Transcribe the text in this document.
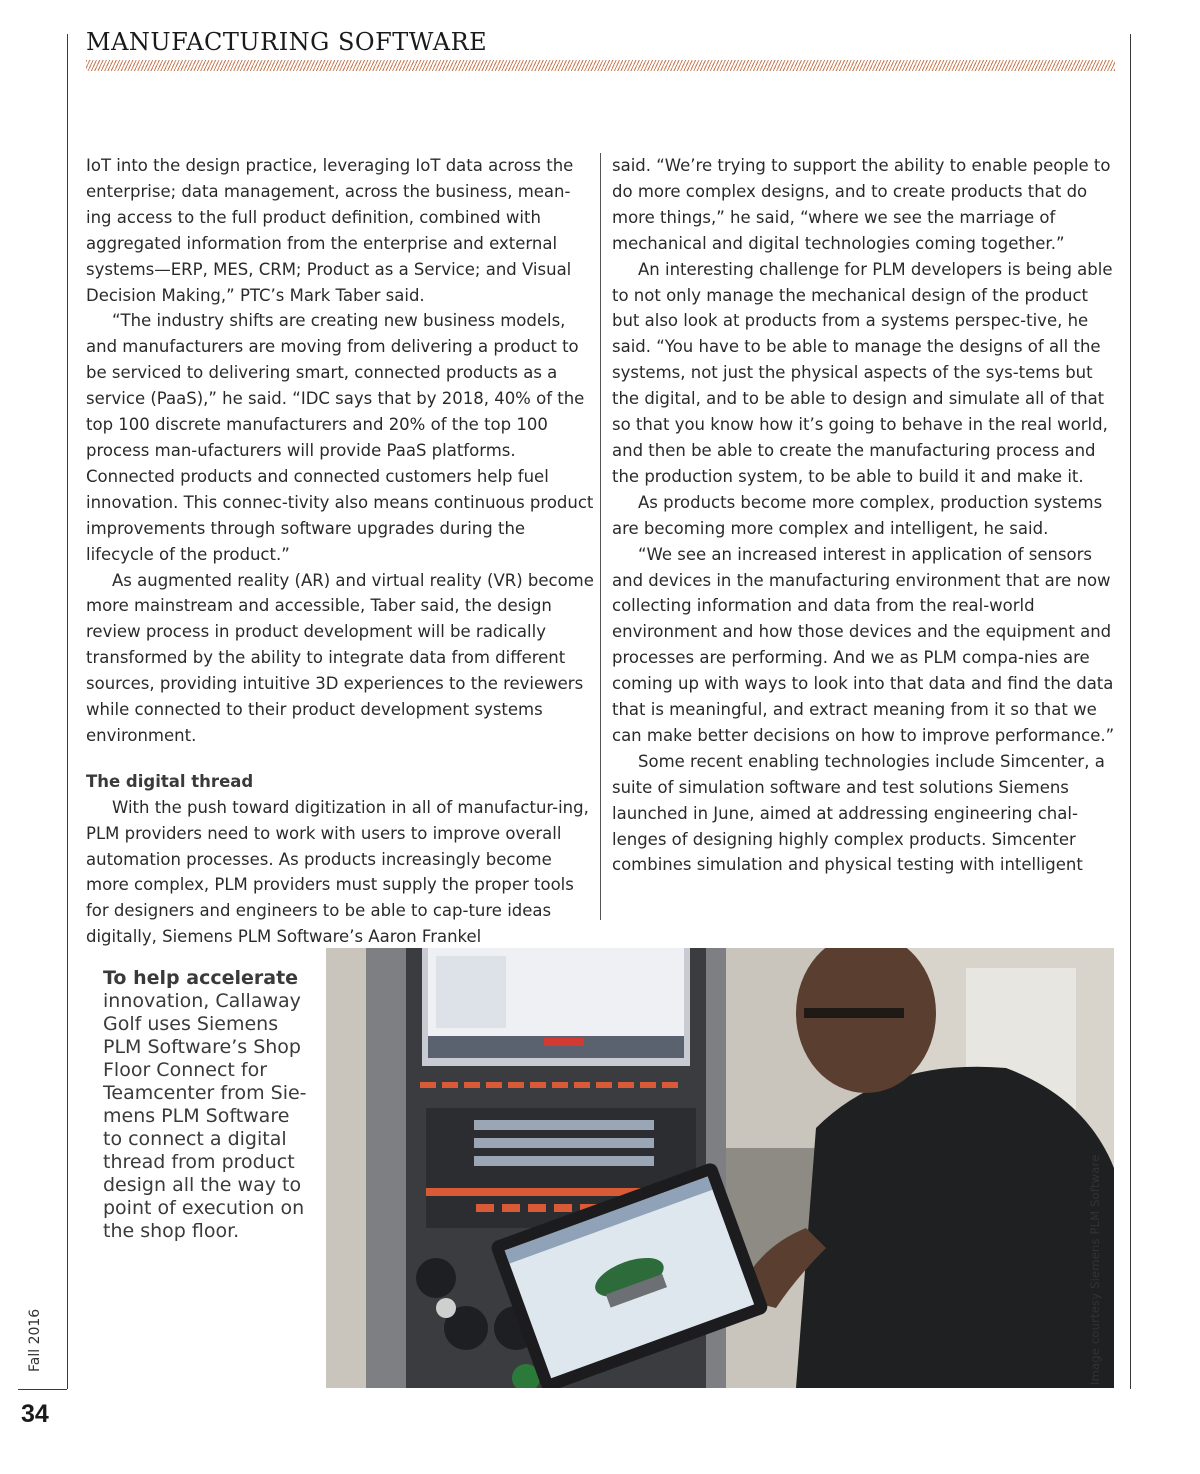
MANUFACTURING SOFTWARE

IoT into the design practice, leveraging IoT data across the enterprise; data management, across the business, mean-ing access to the full product definition, combined with aggregated information from the enterprise and external systems—ERP, MES, CRM; Product as a Service; and Visual Decision Making,” PTC’s Mark Taber said.

“The industry shifts are creating new business models, and manufacturers are moving from delivering a product to be serviced to delivering smart, connected products as a service (PaaS),” he said. “IDC says that by 2018, 40% of the top 100 discrete manufacturers and 20% of the top 100 process man-ufacturers will provide PaaS platforms. Connected products and connected customers help fuel innovation. This connec-tivity also means continuous product improvements through software upgrades during the lifecycle of the product.”

As augmented reality (AR) and virtual reality (VR) become more mainstream and accessible, Taber said, the design review process in product development will be radically transformed by the ability to integrate data from different sources, providing intuitive 3D experiences to the reviewers while connected to their product development systems environment.

The digital thread

With the push toward digitization in all of manufactur-ing, PLM providers need to work with users to improve overall automation processes. As products increasingly become more complex, PLM providers must supply the proper tools for designers and engineers to be able to cap-ture ideas digitally, Siemens PLM Software’s Aaron Frankel

said. “We’re trying to support the ability to enable people to do more complex designs, and to create products that do more things,” he said, “where we see the marriage of mechanical and digital technologies coming together.”

An interesting challenge for PLM developers is being able to not only manage the mechanical design of the product but also look at products from a systems perspec-tive, he said. “You have to be able to manage the designs of all the systems, not just the physical aspects of the sys-tems but the digital, and to be able to design and simulate all of that so that you know how it’s going to behave in the real world, and then be able to create the manufacturing process and the production system, to be able to build it and make it.

As products become more complex, production systems are becoming more complex and intelligent, he said.

“We see an increased interest in application of sensors and devices in the manufacturing environment that are now collecting information and data from the real-world environment and how those devices and the equipment and processes are performing. And we as PLM compa-nies are coming up with ways to look into that data and find the data that is meaningful, and extract meaning from it so that we can make better decisions on how to improve performance.”

Some recent enabling technologies include Simcenter, a suite of simulation software and test solutions Siemens launched in June, aimed at addressing engineering chal-lenges of designing highly complex products. Simcenter combines simulation and physical testing with intelligent

To help accelerate
innovation, Callaway Golf uses Siemens PLM Software’s Shop Floor Connect for Teamcenter from Sie-mens PLM Software to connect a digital thread from product design all the way to point of execution on the shop floor.	Image courtesy Siemens PLM Software
Fall 2016
34
